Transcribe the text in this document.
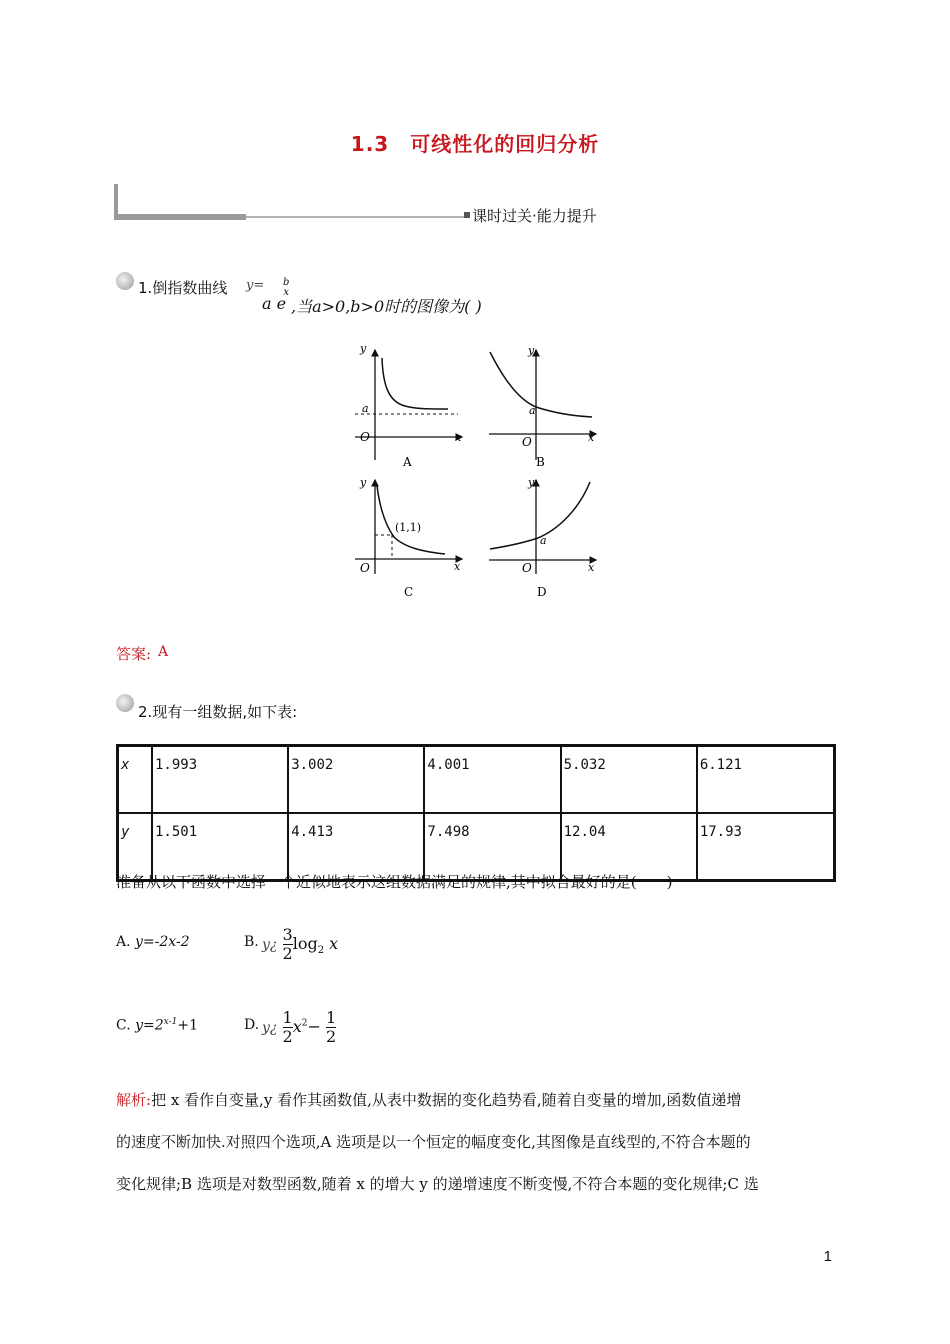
1.3　可线性化的回归分析
课时过关·能力提升
1.倒指数曲线 y= b
x
a e ,当a>0,b>0时的图像为( )
y
x
O
a
A
y
x
O
a
B
y
x
O
(1,1)
C
y
x
O
a
D
答案: A
2.现有一组数据,如下表:
x	1.993	3.002	4.001	5.032	6.121
y	1.501	4.413	7.498	12.04	17.93
准备从以下函数中选择一个近似地表示这组数据满足的规律,其中拟合最好的是(　　)
A. y=-2x-2	B. y¿ $\frac{3}{2} \log_2 x$
C. $y=2^{x-1}+1$	D. y¿ $\frac{1}{2} x^2- \frac{1}{2}$
解析:把 x 看作自变量,y 看作其函数值,从表中数据的变化趋势看,随着自变量的增加,函数值递增
的速度不断加快.对照四个选项,A 选项是以一个恒定的幅度变化,其图像是直线型的,不符合本题的
变化规律;B 选项是对数型函数,随着 x 的增大 y 的递增速度不断变慢,不符合本题的变化规律;C 选
1
